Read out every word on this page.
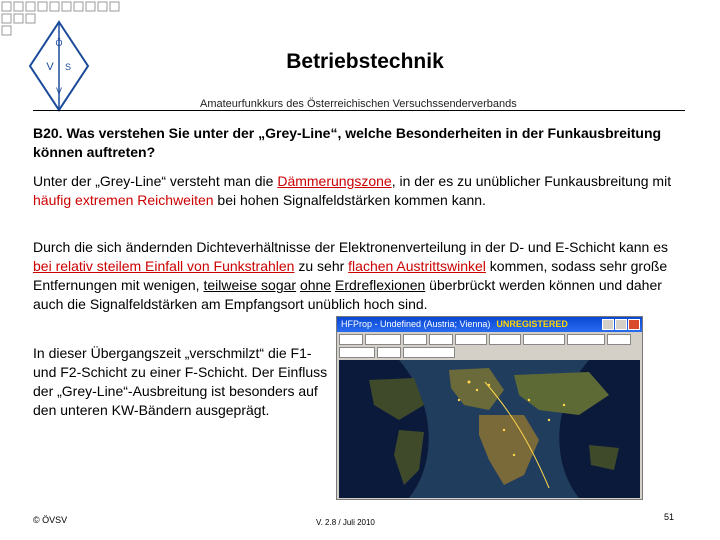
Ö
V S
V
Betriebstechnik
Amateurfunkkurs des Österreichischen Versuchssenderverbands
B20. Was verstehen Sie unter der „Grey-Line“, welche Besonderheiten in der Funkausbreitung können auftreten?
Unter der „Grey-Line“ versteht man die Dämmerungszone, in der es zu unüblicher Funkausbreitung mit häufig extremen Reichweiten bei hohen Signalfeldstärken kommen kann.
Durch die sich ändernden Dichteverhältnisse der Elektronenverteilung in der D- und E-Schicht kann es bei relativ steilem Einfall von Funkstrahlen zu sehr flachen Austrittswinkel kommen, sodass sehr große Entfernungen mit wenigen, teilweise sogar ohne Erdreflexionen überbrückt werden können und daher auch die Signalfeldstärken am Empfangsort unüblich hoch sind.
In dieser Übergangszeit „verschmilzt“ die F1- und F2-Schicht zu einer F-Schicht. Der Einfluss der „Grey-Line“-Ausbreitung ist besonders auf den unteren KW-Bändern ausgeprägt.
HFProp - Undefined (Austria; Vienna) UNREGISTERED
© ÖVSV	V. 2.8 / Juli 2010
51
